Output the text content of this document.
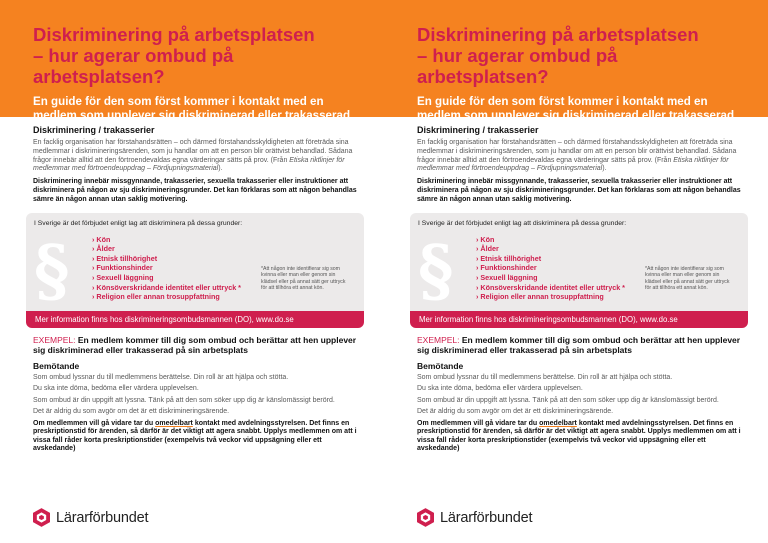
Diskriminering på arbetsplatsen
– hur agerar ombud på arbetsplatsen?

En guide för den som först kommer i kontakt med en
medlem som upplever sig diskriminerad eller trakasserad.

Diskriminering / trakasserier

En facklig organisation har förstahandsrätten – och därmed förstahandsskyldigheten att företräda sina medlemmar i diskrimineringsärenden, som ju handlar om att en person blir orättvist behandlad. Sådana frågor innebär alltid att den förtroendevaldas egna värderingar sätts på prov. (Från Etiska riktlinjer för medlemmar med förtroendeuppdrag – Fördjupningsmaterial).

Diskriminering innebär missgynnande, trakasserier, sexuella trakasserier eller instruktioner att diskriminera på någon av sju diskrimineringsgrunder. Det kan förklaras som att någon behandlas sämre än någon annan utan saklig motivering.

I Sverige är det förbjudet enligt lag att diskriminera på dessa grunder:

§	› Kön
› Ålder
› Etnisk tillhörighet
› Funktionshinder
› Sexuell läggning
› Könsöverskridande identitet eller uttryck *
› Religion eller annan trosuppfattning

*Att någon inte identifierar sig som kvinna eller man eller genom sin klädsel eller på annat sätt ger uttryck för att tillhöra ett annat kön.

Mer information finns hos diskrimineringsombudsmannen (DO), www.do.se

EXEMPEL: En medlem kommer till dig som ombud och berättar att hen upplever sig diskriminerad eller trakasserad på sin arbetsplats

Bemötande

Som ombud lyssnar du till medlemmens berättelse. Din roll är att hjälpa och stötta.

Du ska inte döma, bedöma eller värdera upplevelsen.

Som ombud är din uppgift att lyssna. Tänk på att den som söker upp dig är känslomässigt berörd.

Det är aldrig du som avgör om det är ett diskrimineringsärende.

Om medlemmen vill gå vidare tar du omedelbart kontakt med avdelningsstyrelsen. Det finns en preskriptionstid för ärenden, så därför är det viktigt att agera snabbt. Upplys medlemmen om att i vissa fall råder korta preskriptionstider (exempelvis två veckor vid uppsägning eller ett avskedande)

Lärarförbundet
Diskriminering på arbetsplatsen
– hur agerar ombud på arbetsplatsen?

En guide för den som först kommer i kontakt med en
medlem som upplever sig diskriminerad eller trakasserad.

Diskriminering / trakasserier

En facklig organisation har förstahandsrätten – och därmed förstahandsskyldigheten att företräda sina medlemmar i diskrimineringsärenden, som ju handlar om att en person blir orättvist behandlad. Sådana frågor innebär alltid att den förtroendevaldas egna värderingar sätts på prov. (Från Etiska riktlinjer för medlemmar med förtroendeuppdrag – Fördjupningsmaterial).

Diskriminering innebär missgynnande, trakasserier, sexuella trakasserier eller instruktioner att diskriminera på någon av sju diskrimineringsgrunder. Det kan förklaras som att någon behandlas sämre än någon annan utan saklig motivering.

I Sverige är det förbjudet enligt lag att diskriminera på dessa grunder:

§	› Kön
› Ålder
› Etnisk tillhörighet
› Funktionshinder
› Sexuell läggning
› Könsöverskridande identitet eller uttryck *
› Religion eller annan trosuppfattning

*Att någon inte identifierar sig som kvinna eller man eller genom sin klädsel eller på annat sätt ger uttryck för att tillhöra ett annat kön.

Mer information finns hos diskrimineringsombudsmannen (DO), www.do.se

EXEMPEL: En medlem kommer till dig som ombud och berättar att hen upplever sig diskriminerad eller trakasserad på sin arbetsplats

Bemötande

Som ombud lyssnar du till medlemmens berättelse. Din roll är att hjälpa och stötta.

Du ska inte döma, bedöma eller värdera upplevelsen.

Som ombud är din uppgift att lyssna. Tänk på att den som söker upp dig är känslomässigt berörd.

Det är aldrig du som avgör om det är ett diskrimineringsärende.

Om medlemmen vill gå vidare tar du omedelbart kontakt med avdelningsstyrelsen. Det finns en preskriptionstid för ärenden, så därför är det viktigt att agera snabbt. Upplys medlemmen om att i vissa fall råder korta preskriptionstider (exempelvis två veckor vid uppsägning eller ett avskedande)

Lärarförbundet
